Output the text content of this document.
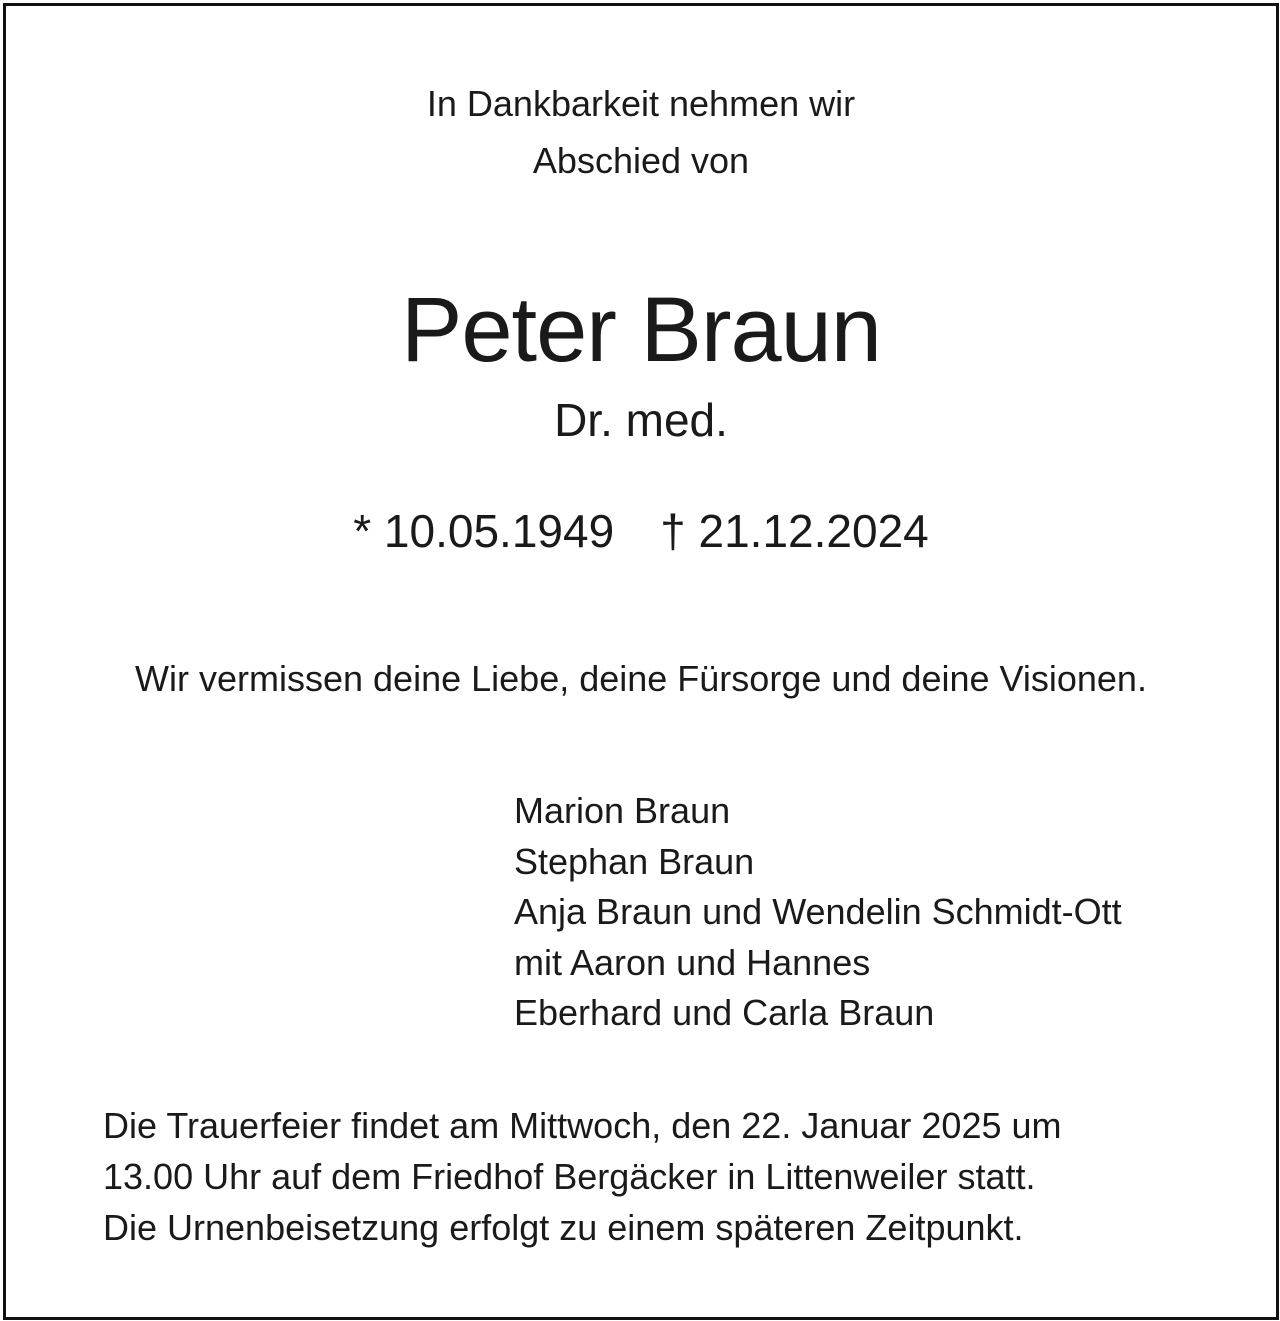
In Dankbarkeit nehmen wir
Abschied von
Peter Braun
Dr. med.
* 10.05.1949 † 21.12.2024
Wir vermissen deine Liebe, deine Fürsorge und deine Visionen.
Marion Braun
Stephan Braun
Anja Braun und Wendelin Schmidt-Ott
mit Aaron und Hannes
Eberhard und Carla Braun
Die Trauerfeier findet am Mittwoch, den 22. Januar 2025 um
13.00 Uhr auf dem Friedhof Bergäcker in Littenweiler statt.
Die Urnenbeisetzung erfolgt zu einem späteren Zeitpunkt.
